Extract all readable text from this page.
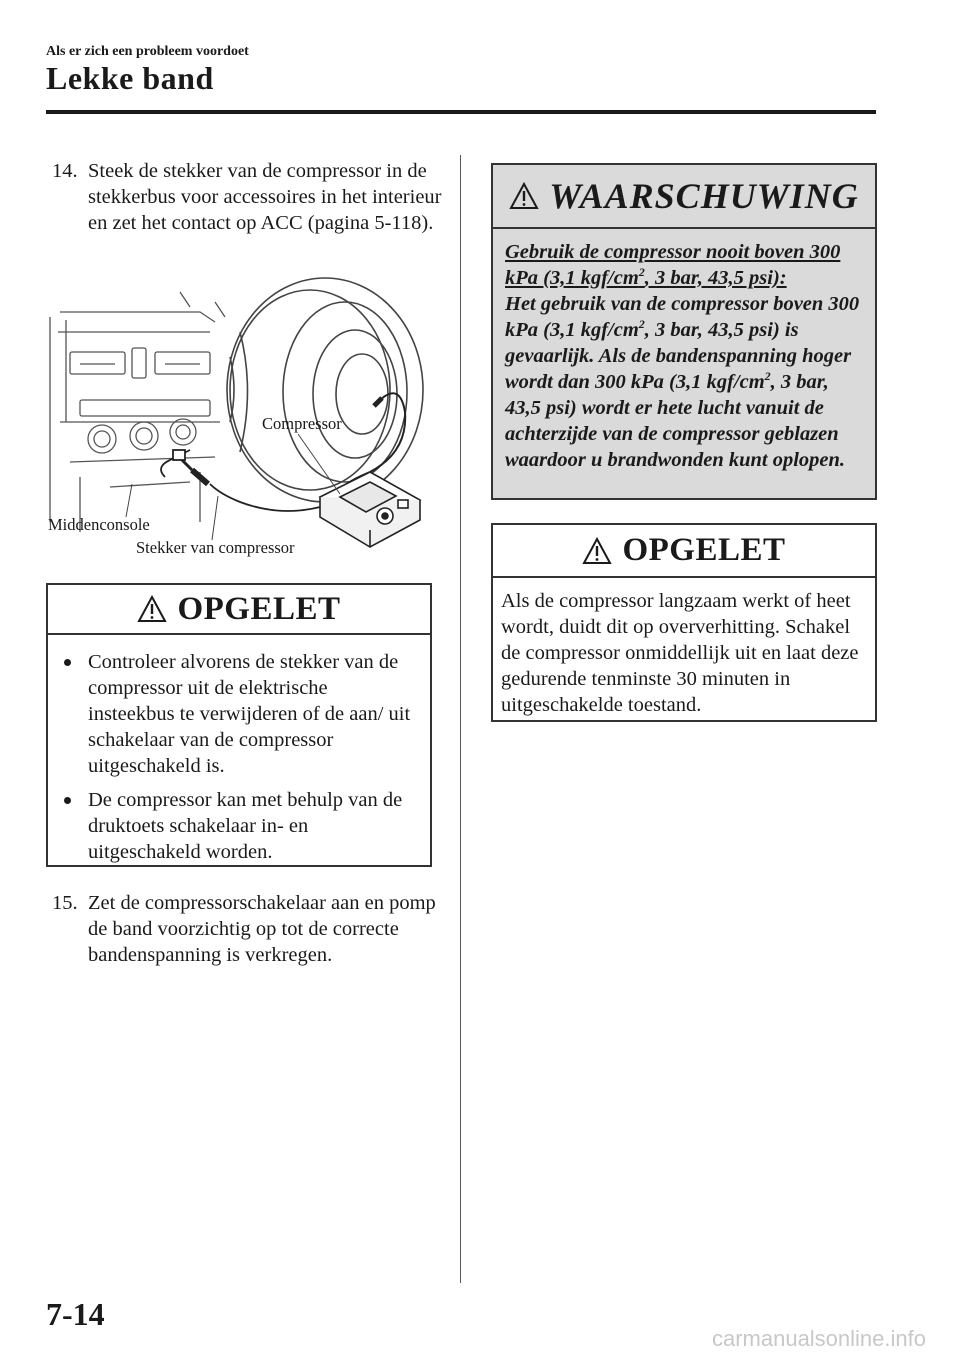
Als er zich een probleem voordoet
Lekke band
14. Steek de stekker van de compressor in de stekkerbus voor accessoires in het interieur en zet het contact op ACC (pagina 5-118).
Compressor
Middenconsole
Stekker van compressor
OPGELET
Controleer alvorens de stekker van de compressor uit de elektrische insteekbus te verwijderen of de aan/ uit schakelaar van de compressor uitgeschakeld is.
De compressor kan met behulp van de druktoets schakelaar in- en uitgeschakeld worden.
15. Zet de compressorschakelaar aan en pomp de band voorzichtig op tot de correcte bandenspanning is verkregen.
WAARSCHUWING
Gebruik de compressor nooit boven 300 kPa (3,1 kgf/$cm^2$, 3 bar, 43,5 psi):
Het gebruik van de compressor boven 300 kPa (3,1 kgf/$cm^2$, 3 bar, 43,5 psi) is gevaarlijk. Als de bandenspanning hoger wordt dan 300 kPa (3,1 kgf/$cm^2$, 3 bar, 43,5 psi) wordt er hete lucht vanuit de achterzijde van de compressor geblazen waardoor u brandwonden kunt oplopen.
OPGELET
Als de compressor langzaam werkt of heet wordt, duidt dit op oververhitting. Schakel de compressor onmiddellijk uit en laat deze gedurende tenminste 30 minuten in uitgeschakelde toestand.
7-14
carmanualsonline.info
